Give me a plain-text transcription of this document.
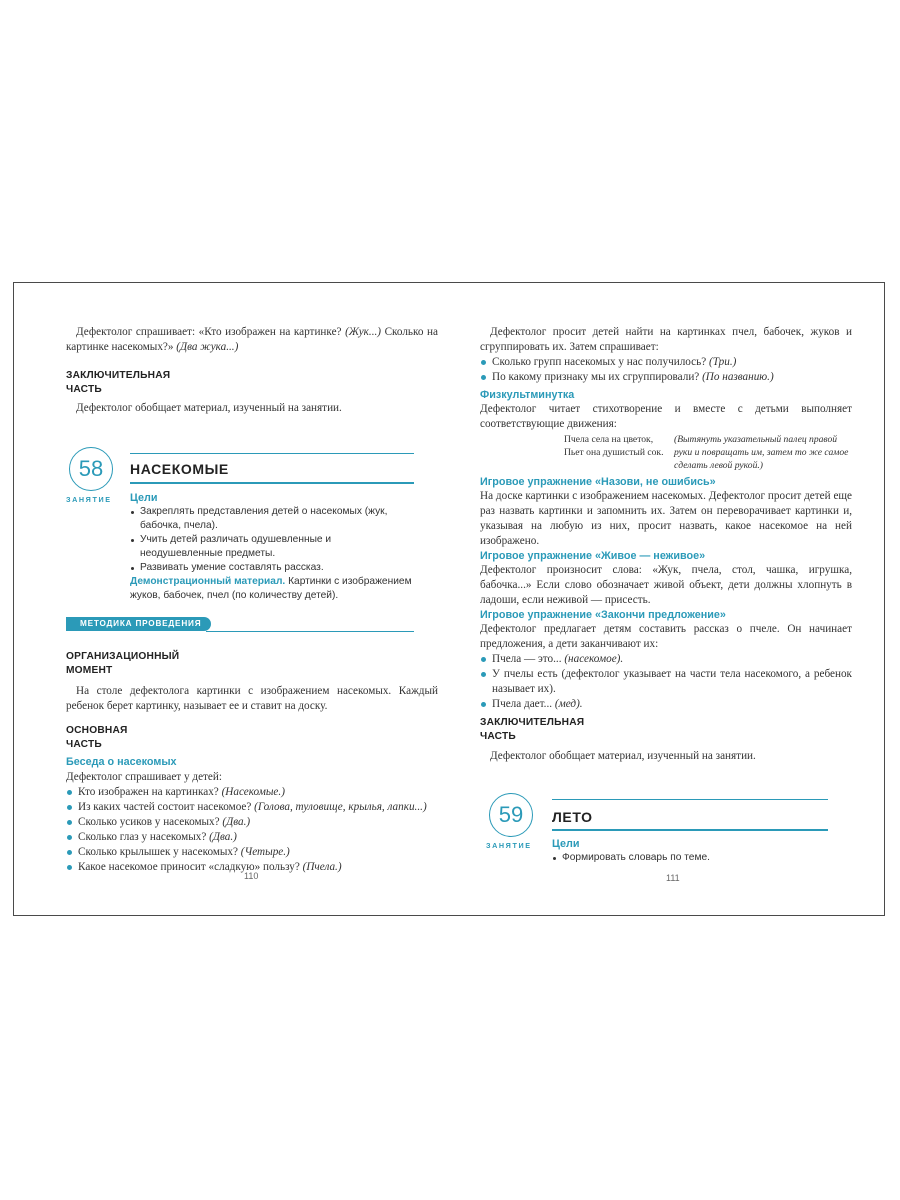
Дефектолог спрашивает: «Кто изображен на картинке? (Жук...) Сколько на картинке насекомых?» (Два жука...)
ЗАКЛЮЧИТЕЛЬНАЯ
ЧАСТЬ
Дефектолог обобщает материал, изученный на занятии.
58
ЗАНЯТИЕ
НАСЕКОМЫЕ
Цели
Закреплять представления детей о насекомых (жук, бабочка, пчела).
Учить детей различать одушевленные и неодушевленные предметы.
Развивать умение составлять рассказ.
Демонстрационный материал. Картинки с изображением жуков, бабочек, пчел (по количеству детей).
МЕТОДИКА ПРОВЕДЕНИЯ
ОРГАНИЗАЦИОННЫЙ
МОМЕНТ
На столе дефектолога картинки с изображением насекомых. Каждый ребенок берет картинку, называет ее и ставит на доску.
ОСНОВНАЯ
ЧАСТЬ
Беседа о насекомых
Дефектолог спрашивает у детей:
Кто изображен на картинках? (Насекомые.)
Из каких частей состоит насекомое? (Голова, туловище, крылья, лапки...)
Сколько усиков у насекомых? (Два.)
Сколько глаз у насекомых? (Два.)
Сколько крылышек у насекомых? (Четыре.)
Какое насекомое приносит «сладкую» пользу? (Пчела.)
110
Дефектолог просит детей найти на картинках пчел, бабочек, жуков и сгруппировать их. Затем спрашивает:
Сколько групп насекомых у нас получилось? (Три.)
По какому признаку мы их сгруппировали? (По названию.)
Физкультминутка
Дефектолог читает стихотворение и вместе с детьми выполняет соответствующие движения:
Пчела села на цветок,
Пьет она душистый сок.
(Вытянуть указательный палец правой руки и повращать им, затем то же самое сделать левой рукой.)
Игровое упражнение «Назови, не ошибись»
На доске картинки с изображением насекомых. Дефектолог просит детей еще раз назвать картинки и запомнить их. Затем он переворачивает картинки и, указывая на любую из них, просит назвать, какое насекомое на ней изображено.
Игровое упражнение «Живое — неживое»
Дефектолог произносит слова: «Жук, пчела, стол, чашка, игрушка, бабочка...» Если слово обозначает живой объект, дети должны хлопнуть в ладоши, если неживой — присесть.
Игровое упражнение «Закончи предложение»
Дефектолог предлагает детям составить рассказ о пчеле. Он начинает предложения, а дети заканчивают их:
Пчела — это... (насекомое).
У пчелы есть (дефектолог указывает на части тела насекомого, а ребенок называет их).
Пчела дает... (мед).
ЗАКЛЮЧИТЕЛЬНАЯ
ЧАСТЬ
Дефектолог обобщает материал, изученный на занятии.
59
ЗАНЯТИЕ
ЛЕТО
Цели
Формировать словарь по теме.
111
